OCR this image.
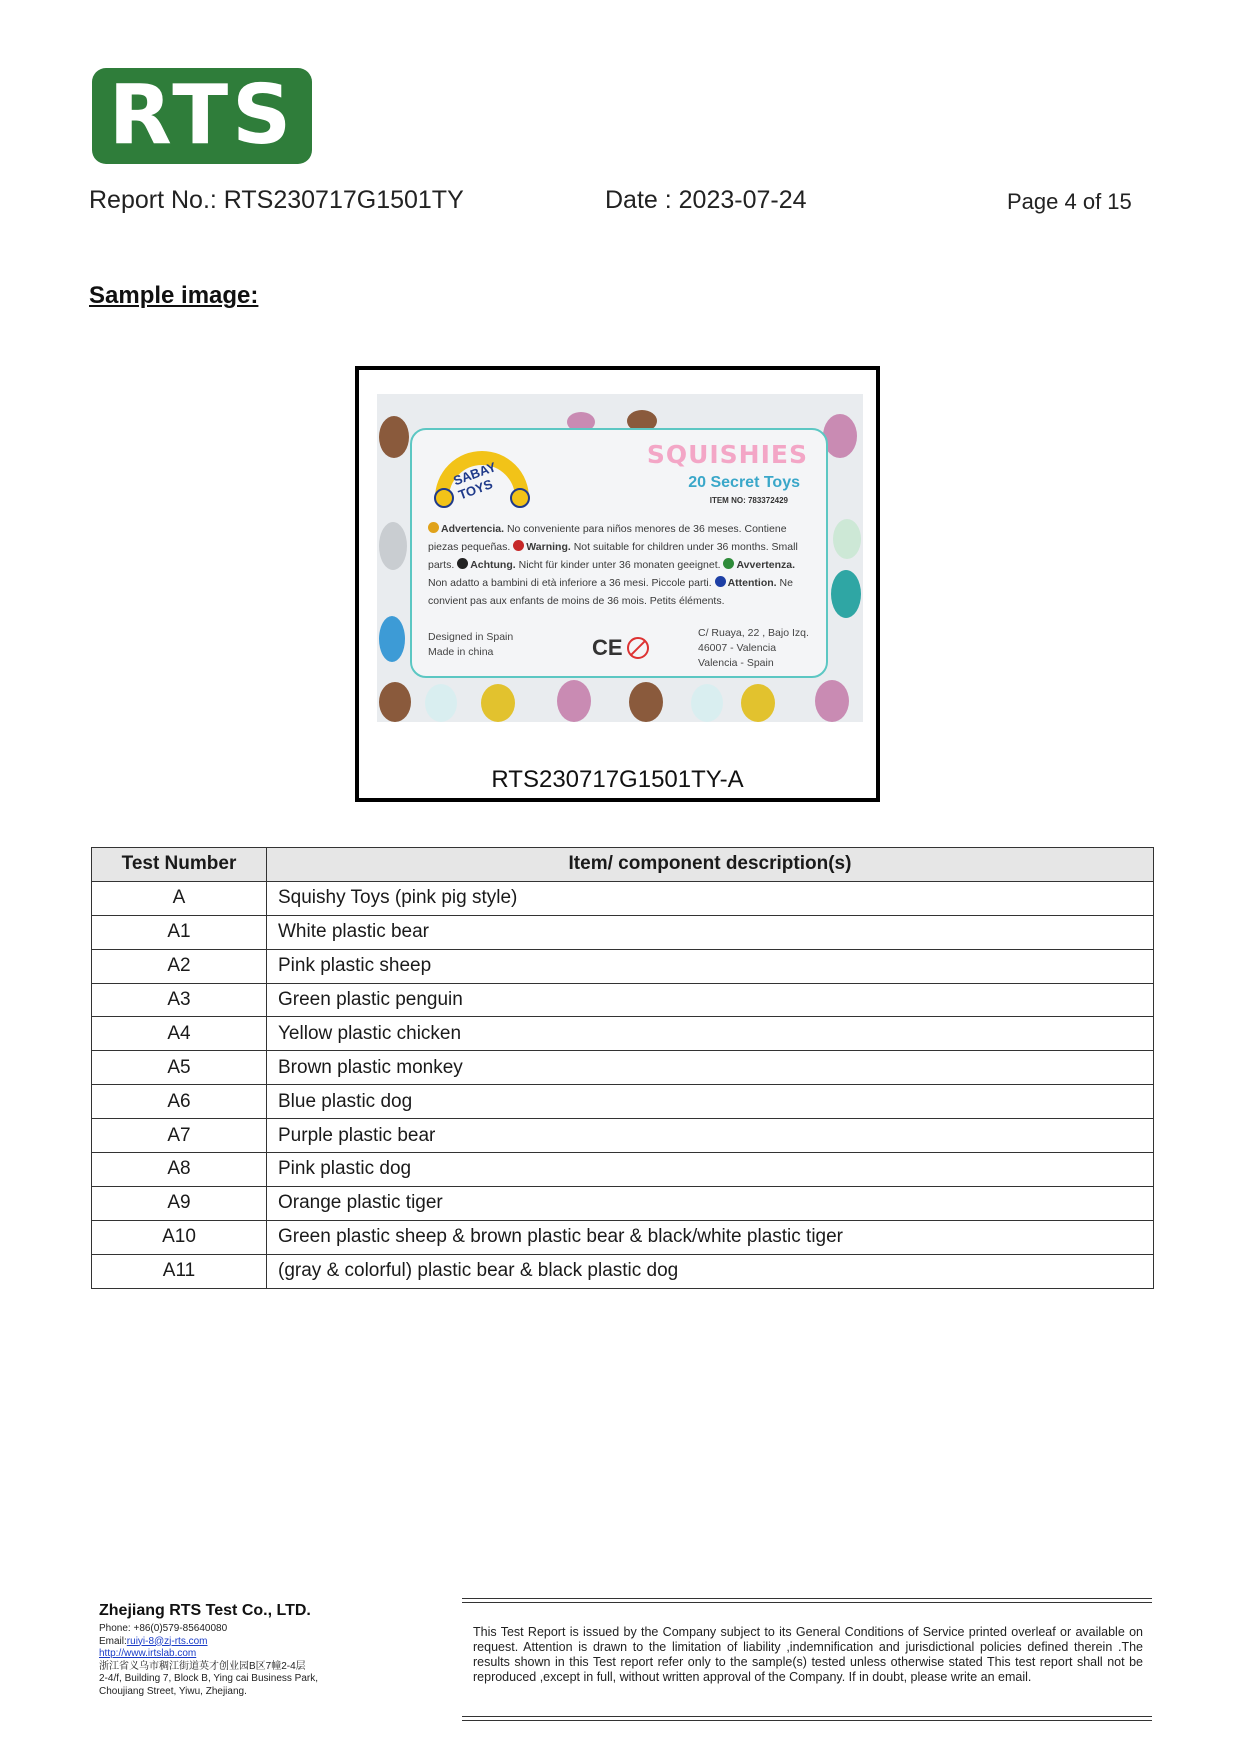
RTS
Report No.: RTS230717G1501TY	Date : 2023-07-24	Page 4 of 15
Sample image:
SABAY TOYS
SQUISHIES
20 Secret Toys
ITEM NO: 783372429
Advertencia. No conveniente para niños menores de 36 meses. Contiene piezas pequeñas. Warning. Not suitable for children under 36 months. Small parts. Achtung. Nicht für kinder unter 36 monaten geeignet. Avvertenza. Non adatto a bambini di età inferiore a 36 mesi. Piccole parti. Attention. Ne convient pas aux enfants de moins de 36 mois. Petits éléments.
Designed in Spain
Made in china	CE
C/ Ruaya, 22 , Bajo Izq.
46007 - Valencia
Valencia - Spain
RTS230717G1501TY-A
Test Number	Item/ component description(s)
A	Squishy Toys (pink pig style)
A1	White plastic bear
A2	Pink plastic sheep
A3	Green plastic penguin
A4	Yellow plastic chicken
A5	Brown plastic monkey
A6	Blue plastic dog
A7	Purple plastic bear
A8	Pink plastic dog
A9	Orange plastic tiger
A10	Green plastic sheep & brown plastic bear & black/white plastic tiger
A11	(gray & colorful) plastic bear & black plastic dog
Zhejiang RTS Test Co., LTD.
Phone: +86(0)579-85640080
Email:ruiyi-8@zj-rts.com
http://www.irtslab.com
浙江省义乌市稠江街道英才创业园B区7幢2-4层
2-4/f, Building 7, Block B, Ying cai Business Park,
Choujiang Street, Yiwu, Zhejiang.
This Test Report is issued by the Company subject to its General Conditions of Service printed overleaf or available on request. Attention is drawn to the limitation of liability ,indemnification and jurisdictional policies defined therein .The results shown in this Test report refer only to the sample(s) tested unless otherwise stated This test report shall not be reproduced ,except in full, without written approval of the Company. If in doubt, please write an email.
